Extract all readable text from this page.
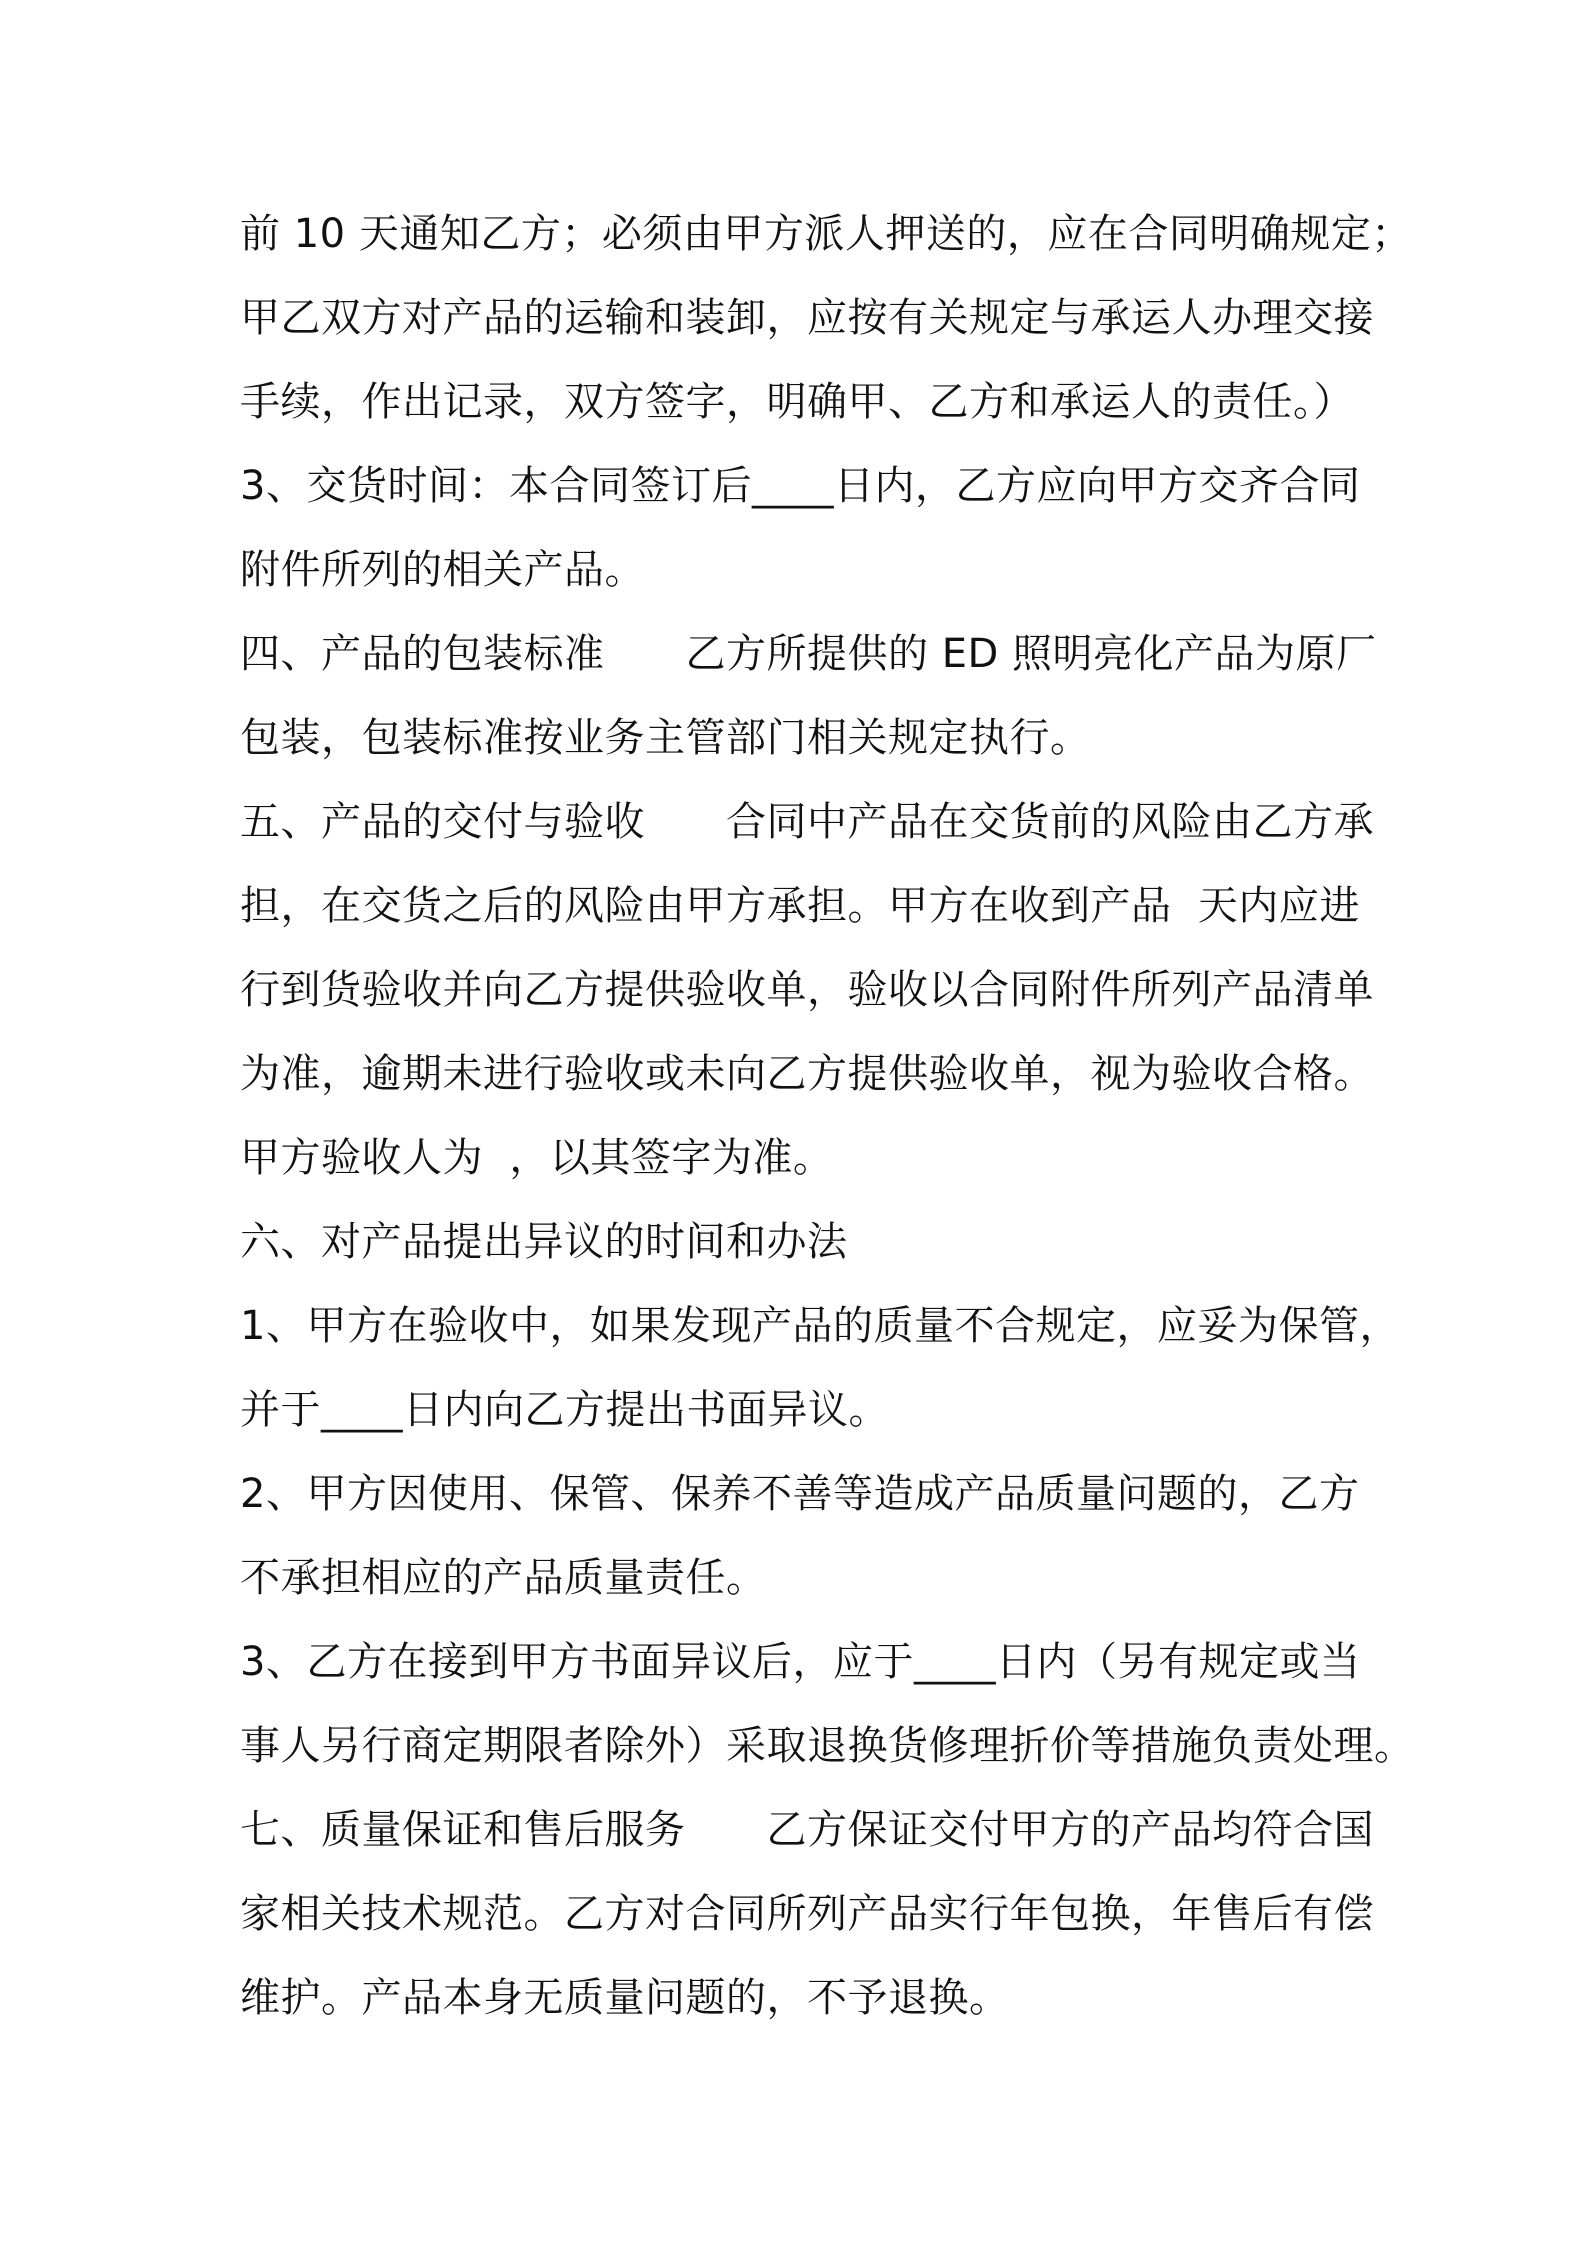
前 10 天通知乙方；必须由甲方派人押送的，应在合同明确规定；
甲乙双方对产品的运输和装卸，应按有关规定与承运人办理交接
手续，作出记录，双方签字，明确甲、乙方和承运人的责任。）
3、交货时间：本合同签订后____日内，乙方应向甲方交齐合同
附件所列的相关产品。
四、产品的包装标准　　乙方所提供的 ED 照明亮化产品为原厂
包装，包装标准按业务主管部门相关规定执行。
五、产品的交付与验收　　合同中产品在交货前的风险由乙方承
担，在交货之后的风险由甲方承担。甲方在收到产品  天内应进
行到货验收并向乙方提供验收单，验收以合同附件所列产品清单
为准，逾期未进行验收或未向乙方提供验收单，视为验收合格。
甲方验收人为  ，以其签字为准。
六、对产品提出异议的时间和办法
1、甲方在验收中，如果发现产品的质量不合规定，应妥为保管，
并于____日内向乙方提出书面异议。
2、甲方因使用、保管、保养不善等造成产品质量问题的，乙方
不承担相应的产品质量责任。
3、乙方在接到甲方书面异议后，应于____日内（另有规定或当
事人另行商定期限者除外）采取退换货修理折价等措施负责处理。
七、质量保证和售后服务　　乙方保证交付甲方的产品均符合国
家相关技术规范。乙方对合同所列产品实行年包换，年售后有偿
维护。产品本身无质量问题的，不予退换。
